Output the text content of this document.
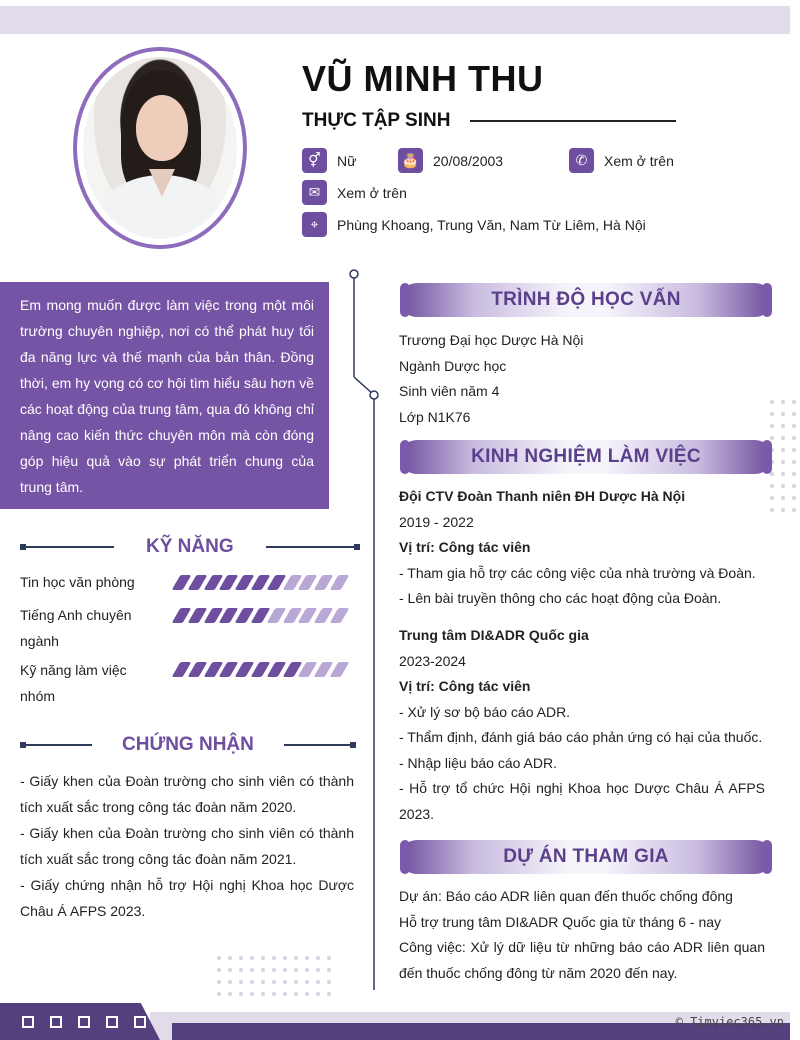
VŨ MINH THU
THỰC TẬP SINH
⚥	Nữ	🎂 20/08/2003	✆	Xem ở trên
✉	Xem ở trên
⌖	Phùng Khoang, Trung Văn, Nam Từ Liêm, Hà Nội
Em mong muốn được làm việc trong một môi trường chuyên nghiệp, nơi có thể phát huy tối đa năng lực và thế mạnh của bản thân. Đồng thời, em hy vọng có cơ hội tìm hiểu sâu hơn về các hoạt động của trung tâm, qua đó không chỉ nâng cao kiến thức chuyên môn mà còn đóng góp hiệu quả vào sự phát triển chung của trung tâm.
KỸ NĂNG
Tin học văn phòng
Tiếng Anh chuyên ngành
Kỹ năng làm việc nhóm
CHỨNG NHẬN
- Giấy khen của Đoàn trường cho sinh viên có thành tích xuất sắc trong công tác đoàn năm 2020.
- Giấy khen của Đoàn trường cho sinh viên có thành tích xuất sắc trong công tác đoàn năm 2021.
- Giấy chứng nhận hỗ trợ Hội nghị Khoa học Dược Châu Á AFPS 2023.
TRÌNH ĐỘ HỌC VẤN
Trương Đại học Dược Hà Nội
Ngành Dược học
Sinh viên năm 4
Lớp N1K76
KINH NGHIỆM LÀM VIỆC
Đội CTV Đoàn Thanh niên ĐH Dược Hà Nội
2019 - 2022
Vị trí: Công tác viên
- Tham gia hỗ trợ các công việc của nhà trường và Đoàn.
- Lên bài truyền thông cho các hoạt động của Đoàn.
Trung tâm DI&ADR Quốc gia
2023-2024
Vị trí: Công tác viên
- Xử lý sơ bộ báo cáo ADR.
- Thẩm định, đánh giá báo cáo phản ứng có hại của thuốc.
- Nhập liệu báo cáo ADR.
- Hỗ trợ tổ chức Hội nghị Khoa học Dược Châu Á AFPS 2023.
DỰ ÁN THAM GIA
Dự án: Báo cáo ADR liên quan đến thuốc chống đông
Hỗ trợ trung tâm DI&ADR Quốc gia từ tháng 6 - nay
Công việc: Xử lý dữ liệu từ những báo cáo ADR liên quan đến thuốc chống đông từ năm 2020 đến nay.
© Timviec365.vn
